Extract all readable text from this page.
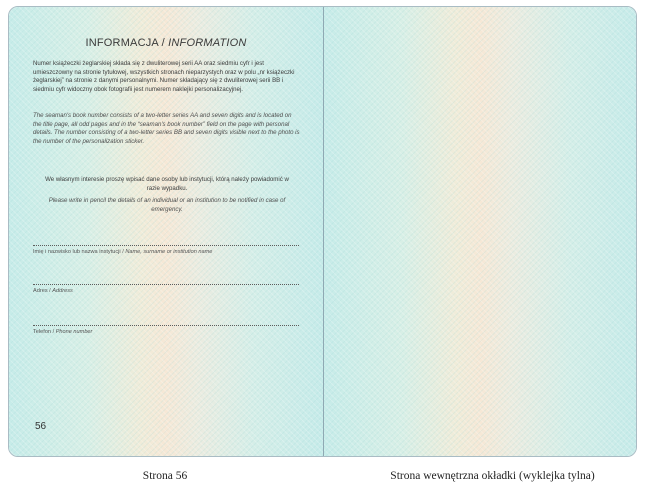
INFORMACJA / INFORMATION

Numer książeczki żeglarskiej składa się z dwuliterowej serii AA oraz siedmiu cyfr i jest umieszczowny na stronie tytułowej, wszystkich stronach nieparzystych oraz w polu „nr książeczki żeglarskiej” na stronie z danymi personalnymi. Numer składający się z dwuliterowej serii BB i siedmiu cyfr widoczny obok fotografii jest numerem naklejki personalizacyjnej.

The seaman's book number consists of a two-letter series AA and seven digits and is located on the title page, all odd pages and in the “seaman's book number” field on the page with personal details. The number consisting of a two-letter series BB and seven digits visible next to the photo is the number of the personalization sticker.

We własnym interesie proszę wpisać dane osoby lub instytucji, którą należy powiadomić w razie wypadku.

Please write in pencil the details of an individual or an institution to be notified in case of emergency.

Imię i nazwisko lub nazwa instytucji / Name, surname or institution name
Adres / Address
Telefon / Phone number
56
Strona 56	Strona wewnętrzna okładki (wyklejka tylna)
